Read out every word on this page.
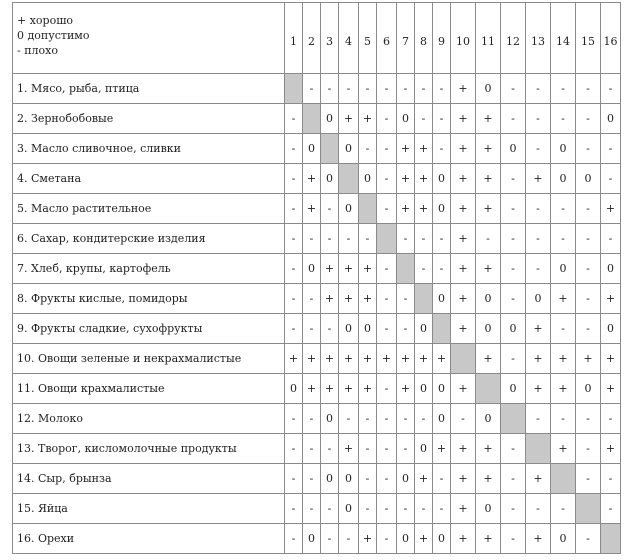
+ хорошо
0 допустимо
- плохо	1	2	3	4	5	6	7	8	9	10	11	12	13	14	15	16
1. Мясо, рыба, птица		-	-	-	-	-	-	-	-	+	0	-	-	-	-	-
2. Зернобобовые	-		0	+	+	-	0	-	-	+	+	-	-	-	-	0
3. Масло сливочное, сливки	-	0		0	-	-	+	+	-	+	+	0	-	0	-	-
4. Сметана	-	+	0		0	-	+	+	0	+	+	-	+	0	0	-
5. Масло растительное	-	+	-	0		-	+	+	0	+	+	-	-	-	-	+
6. Сахар, кондитерские изделия	-	-	-	-	-		-	-	-	+	-	-	-	-	-	-
7. Хлеб, крупы, картофель	-	0	+	+	+	-		-	-	+	+	-	-	0	-	0
8. Фрукты кислые, помидоры	-	-	+	+	+	-	-		0	+	0	-	0	+	-	+
9. Фрукты сладкие, сухофрукты	-	-	-	0	0	-	-	0		+	0	0	+	-	-	0
10. Овощи зеленые и некрахмалистые	+	+	+	+	+	+	+	+	+		+	-	+	+	+	+
11. Овощи крахмалистые	0	+	+	+	+	-	+	0	0	+		0	+	+	0	+
12. Молоко	-	-	0	-	-	-	-	-	0	-	0		-	-	-	-
13. Творог, кисломолочные продукты	-	-	-	+	-	-	-	0	+	+	+	-		+	-	+
14. Сыр, брынза	-	-	0	0	-	-	0	+	-	+	+	-	+		-	-
15. Яйца	-	-	-	0	-	-	-	-	-	+	0	-	-	-		-
16. Орехи	-	0	-	-	+	-	0	+	0	+	+	-	+	0	-	
